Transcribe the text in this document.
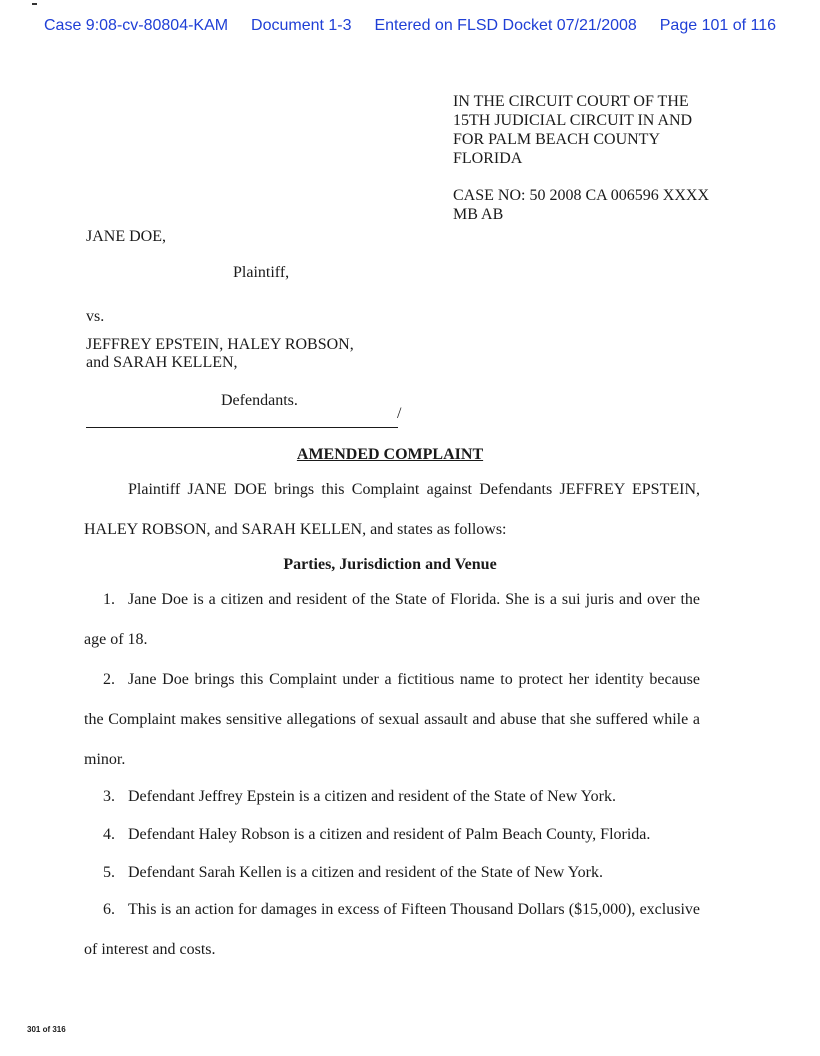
Case 9:08-cv-80804-KAM Document 1-3 Entered on FLSD Docket 07/21/2008 Page 101 of 116
IN THE CIRCUIT COURT OF THE
15TH JUDICIAL CIRCUIT IN AND
FOR PALM BEACH COUNTY
FLORIDA
CASE NO: 50 2008 CA 006596 XXXX
MB AB
JANE DOE,
Plaintiff,
vs.
JEFFREY EPSTEIN, HALEY ROBSON,
and SARAH KELLEN,
Defendants.
/
AMENDED COMPLAINT
Plaintiff JANE DOE brings this Complaint against Defendants JEFFREY EPSTEIN, HALEY ROBSON, and SARAH KELLEN, and states as follows:
Parties, Jurisdiction and Venue
1. Jane Doe is a citizen and resident of the State of Florida. She is a sui juris and over the age of 18.
2. Jane Doe brings this Complaint under a fictitious name to protect her identity because the Complaint makes sensitive allegations of sexual assault and abuse that she suffered while a minor.
3. Defendant Jeffrey Epstein is a citizen and resident of the State of New York.
4. Defendant Haley Robson is a citizen and resident of Palm Beach County, Florida.
5. Defendant Sarah Kellen is a citizen and resident of the State of New York.
6. This is an action for damages in excess of Fifteen Thousand Dollars ($15,000), exclusive of interest and costs.
301 of 316
